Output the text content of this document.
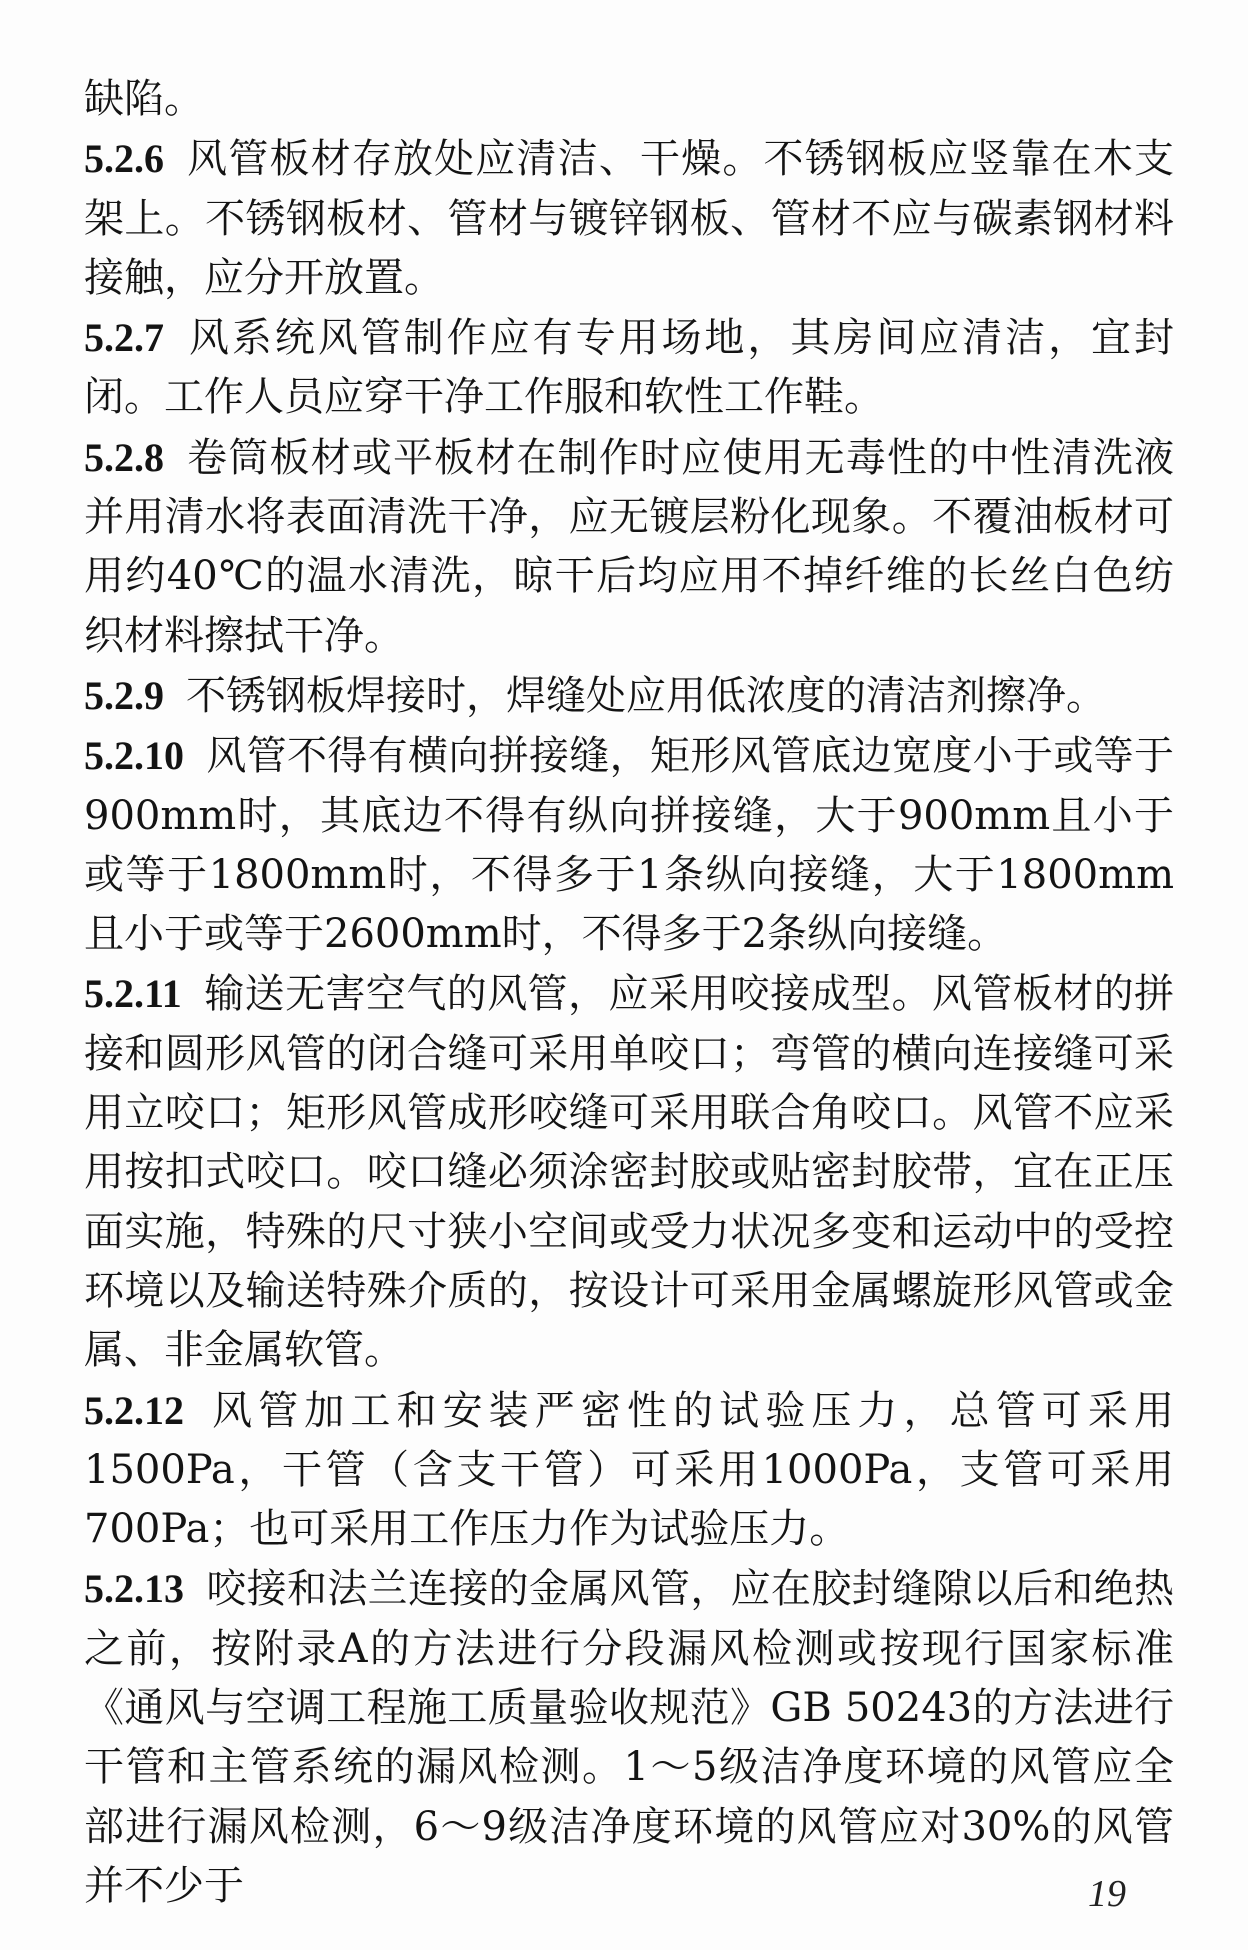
缺陷。

5.2.6 风管板材存放处应清洁、干燥。不锈钢板应竖靠在木支架上。不锈钢板材、管材与镀锌钢板、管材不应与碳素钢材料接触，应分开放置。

5.2.7 风系统风管制作应有专用场地，其房间应清洁，宜封闭。工作人员应穿干净工作服和软性工作鞋。

5.2.8 卷筒板材或平板材在制作时应使用无毒性的中性清洗液并用清水将表面清洗干净，应无镀层粉化现象。不覆油板材可用约40℃的温水清洗，晾干后均应用不掉纤维的长丝白色纺织材料擦拭干净。

5.2.9 不锈钢板焊接时，焊缝处应用低浓度的清洁剂擦净。

5.2.10 风管不得有横向拼接缝，矩形风管底边宽度小于或等于900mm时，其底边不得有纵向拼接缝，大于900mm且小于或等于1800mm时，不得多于1条纵向接缝，大于1800mm且小于或等于2600mm时，不得多于2条纵向接缝。

5.2.11 输送无害空气的风管，应采用咬接成型。风管板材的拼接和圆形风管的闭合缝可采用单咬口；弯管的横向连接缝可采用立咬口；矩形风管成形咬缝可采用联合角咬口。风管不应采用按扣式咬口。咬口缝必须涂密封胶或贴密封胶带，宜在正压面实施，特殊的尺寸狭小空间或受力状况多变和运动中的受控环境以及输送特殊介质的，按设计可采用金属螺旋形风管或金属、非金属软管。

5.2.12 风管加工和安装严密性的试验压力，总管可采用1500Pa，干管（含支干管）可采用1000Pa，支管可采用700Pa；也可采用工作压力作为试验压力。

5.2.13 咬接和法兰连接的金属风管，应在胶封缝隙以后和绝热之前，按附录A的方法进行分段漏风检测或按现行国家标准《通风与空调工程施工质量验收规范》GB 50243的方法进行干管和主管系统的漏风检测。1～5级洁净度环境的风管应全部进行漏风检测，6～9级洁净度环境的风管应对30%的风管并不少于	19
